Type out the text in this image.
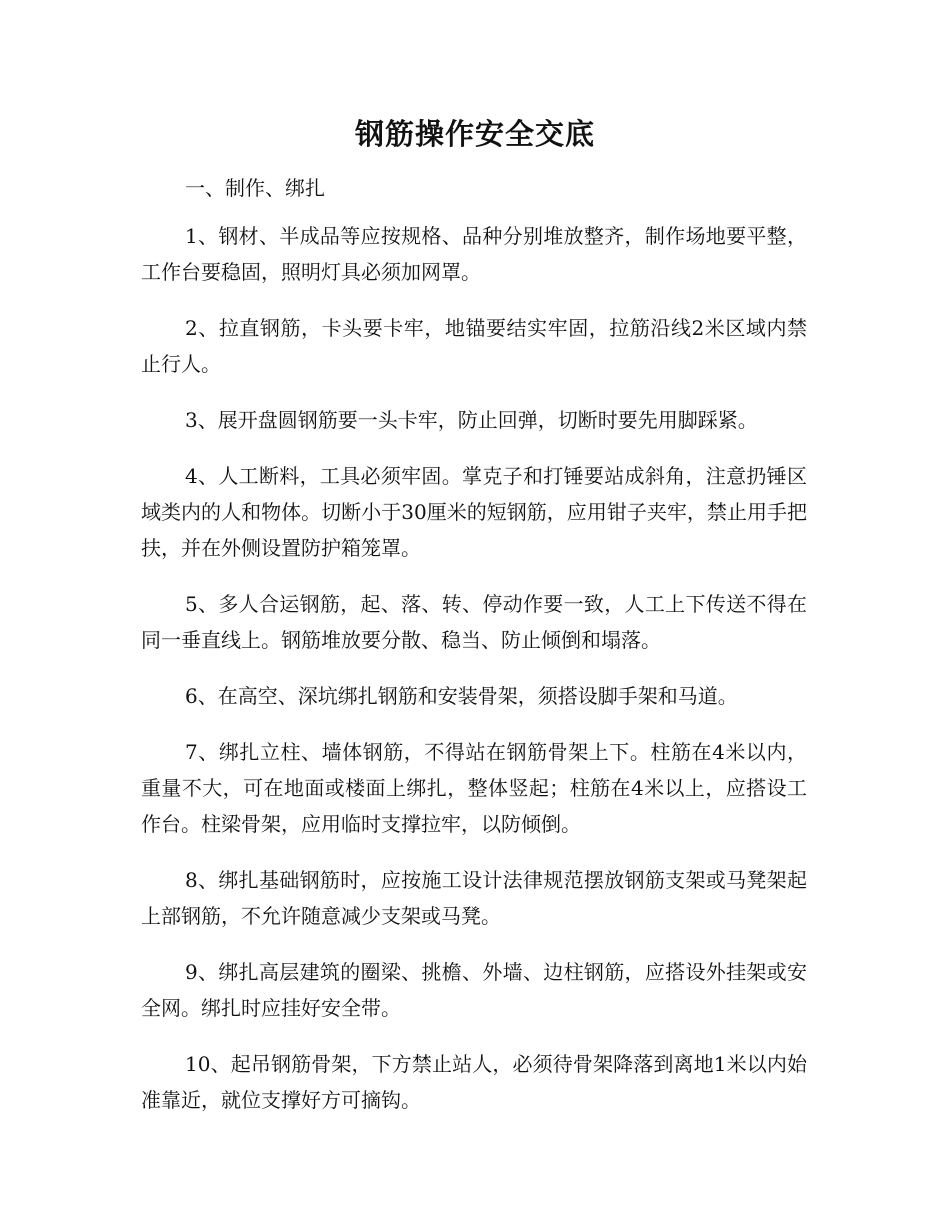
钢筋操作安全交底

一、制作、绑扎

1、钢材、半成品等应按规格、品种分别堆放整齐，制作场地要平整，工作台要稳固，照明灯具必须加网罩。

2、拉直钢筋，卡头要卡牢，地锚要结实牢固，拉筋沿线2米区域内禁止行人。

3、展开盘圆钢筋要一头卡牢，防止回弹，切断时要先用脚踩紧。

4、人工断料，工具必须牢固。掌克子和打锤要站成斜角，注意扔锤区域类内的人和物体。切断小于30厘米的短钢筋，应用钳子夹牢，禁止用手把扶，并在外侧设置防护箱笼罩。

5、多人合运钢筋，起、落、转、停动作要一致，人工上下传送不得在同一垂直线上。钢筋堆放要分散、稳当、防止倾倒和塌落。

6、在高空、深坑绑扎钢筋和安装骨架，须搭设脚手架和马道。

7、绑扎立柱、墙体钢筋，不得站在钢筋骨架上下。柱筋在4米以内，重量不大，可在地面或楼面上绑扎，整体竖起；柱筋在4米以上，应搭设工作台。柱梁骨架，应用临时支撑拉牢，以防倾倒。

8、绑扎基础钢筋时，应按施工设计法律规范摆放钢筋支架或马凳架起上部钢筋，不允许随意减少支架或马凳。

9、绑扎高层建筑的圈梁、挑檐、外墙、边柱钢筋，应搭设外挂架或安全网。绑扎时应挂好安全带。

10、起吊钢筋骨架，下方禁止站人，必须待骨架降落到离地1米以内始准靠近，就位支撑好方可摘钩。
